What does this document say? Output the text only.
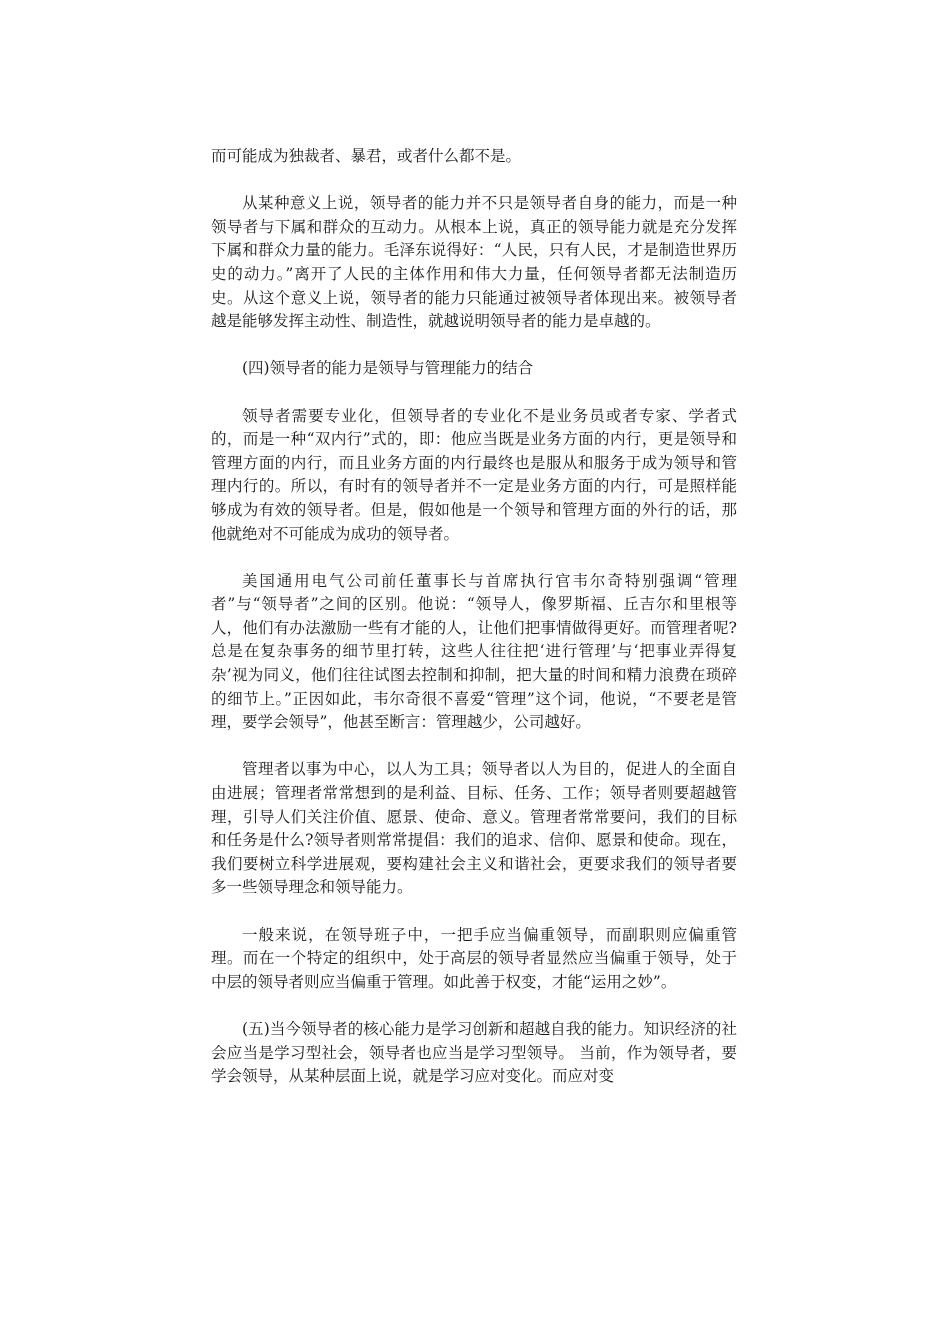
而可能成为独裁者、暴君，或者什么都不是。

从某种意义上说，领导者的能力并不只是领导者自身的能力，而是一种领导者与下属和群众的互动力。从根本上说，真正的领导能力就是充分发挥下属和群众力量的能力。毛泽东说得好：“人民，只有人民，才是制造世界历史的动力。”离开了人民的主体作用和伟大力量，任何领导者都无法制造历史。从这个意义上说，领导者的能力只能通过被领导者体现出来。被领导者越是能够发挥主动性、制造性，就越说明领导者的能力是卓越的。

(四)领导者的能力是领导与管理能力的结合

领导者需要专业化，但领导者的专业化不是业务员或者专家、学者式的，而是一种“双内行”式的，即：他应当既是业务方面的内行，更是领导和管理方面的内行，而且业务方面的内行最终也是服从和服务于成为领导和管理内行的。所以，有时有的领导者并不一定是业务方面的内行，可是照样能够成为有效的领导者。但是，假如他是一个领导和管理方面的外行的话，那他就绝对不可能成为成功的领导者。

美国通用电气公司前任董事长与首席执行官韦尔奇特别强调“管理者”与“领导者”之间的区别。他说：“领导人，像罗斯福、丘吉尔和里根等人，他们有办法激励一些有才能的人，让他们把事情做得更好。而管理者呢?总是在复杂事务的细节里打转，这些人往往把‘进行管理’与‘把事业弄得复杂’视为同义，他们往往试图去控制和抑制，把大量的时间和精力浪费在琐碎的细节上。”正因如此，韦尔奇很不喜爱“管理”这个词，他说，“不要老是管理，要学会领导”，他甚至断言：管理越少，公司越好。

管理者以事为中心，以人为工具；领导者以人为目的，促进人的全面自由进展；管理者常常想到的是利益、目标、任务、工作；领导者则要超越管理，引导人们关注价值、愿景、使命、意义。管理者常常要问，我们的目标和任务是什么?领导者则常常提倡：我们的追求、信仰、愿景和使命。现在，我们要树立科学进展观，要构建社会主义和谐社会，更要求我们的领导者要多一些领导理念和领导能力。

一般来说，在领导班子中，一把手应当偏重领导，而副职则应偏重管理。而在一个特定的组织中，处于高层的领导者显然应当偏重于领导，处于中层的领导者则应当偏重于管理。如此善于权变，才能“运用之妙”。

(五)当今领导者的核心能力是学习创新和超越自我的能力。知识经济的社会应当是学习型社会，领导者也应当是学习型领导。 当前，作为领导者，要学会领导，从某种层面上说，就是学习应对变化。而应对变
